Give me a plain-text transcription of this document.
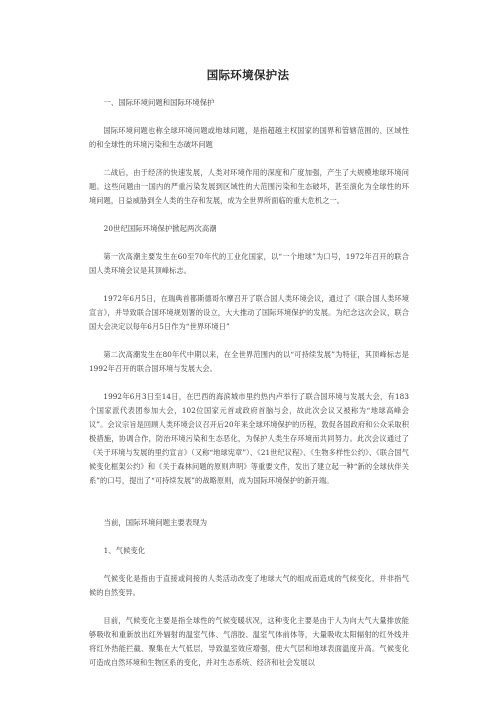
国际环境保护法
一、国际环境问题和国际环境保护
国际环境问题也称全球环境问题或地球问题，是指超越主权国家的国界和管辖范围的、区域性的和全球性的环境污染和生态破坏问题
二战后，由于经济的快速发展，人类对环境作用的深度和广度加强，产生了大规模地球环境问题。这些问题由一国内的严重污染发展到区域性的大范围污染和生态破坏，甚至演化为全球性的环境问题，日益威胁到全人类的生存和发展，成为全世界所面临的重大危机之一。
20世纪国际环境保护掀起两次高潮
第一次高潮主要发生在60至70年代的工业化国家，以“一个地球”为口号，1972年召开的联合国人类环境会议是其顶峰标志。
1972年6月5日，在瑞典首都斯德哥尔摩召开了联合国人类环境会议，通过了《联合国人类环境宣言》，并导致联合国环境规划署的设立，大大推动了国际环境保护的发展。为纪念这次会议，联合国大会决定以每年6月5日作为“世界环境日”
第二次高潮发生在80年代中期以来，在全世界范围内的以“可持续发展”为特征，其顶峰标志是1992年召开的联合国环境与发展大会。
1992年6月3日至14日，在巴西的海滨城市里约热内卢举行了联合国环境与发展大会，有183个国家派代表团参加大会，102位国家元首或政府首脑与会，故此次会议又被称为“地球高峰会议”。会议宗旨是回顾人类环境会议召开后20年来全球环境保护的历程，敦促各国政府和公众采取积极措施，协调合作，防治环境污染和生态恶化，为保护人类生存环境而共同努力。此次会议通过了《关于环境与发展的里约宣言》（又称“地球宪章”）、《21世纪议程》、《生物多样性公约》、《联合国气候变化框架公约》和《关于森林问题的原则声明》等重要文件，发出了建立起一种“新的全球伙伴关系”的口号，提出了“可持续发展”的战略原则，成为国际环境保护的新开端。
当前，国际环境问题主要表现为
1、气候变化
气候变化是指由于直接或间接的人类活动改变了地球大气的组成而造成的气候变化，并非指气候的自然变异。
目前，气候变化主要是指全球性的气候变暖状况，这种变化主要是由于人为向大气大量排放能够吸收和重新放出红外辐射的温室气体、气溶胶、温室气体前体等，大量吸收太阳辐射的红外线并将红外热能拦截、聚集在大气低层，导致温室效应增强，使大气层和地球表面温度升高。气候变化可造成自然环境和生物区系的变化，并对生态系统、经济和社会发展以
